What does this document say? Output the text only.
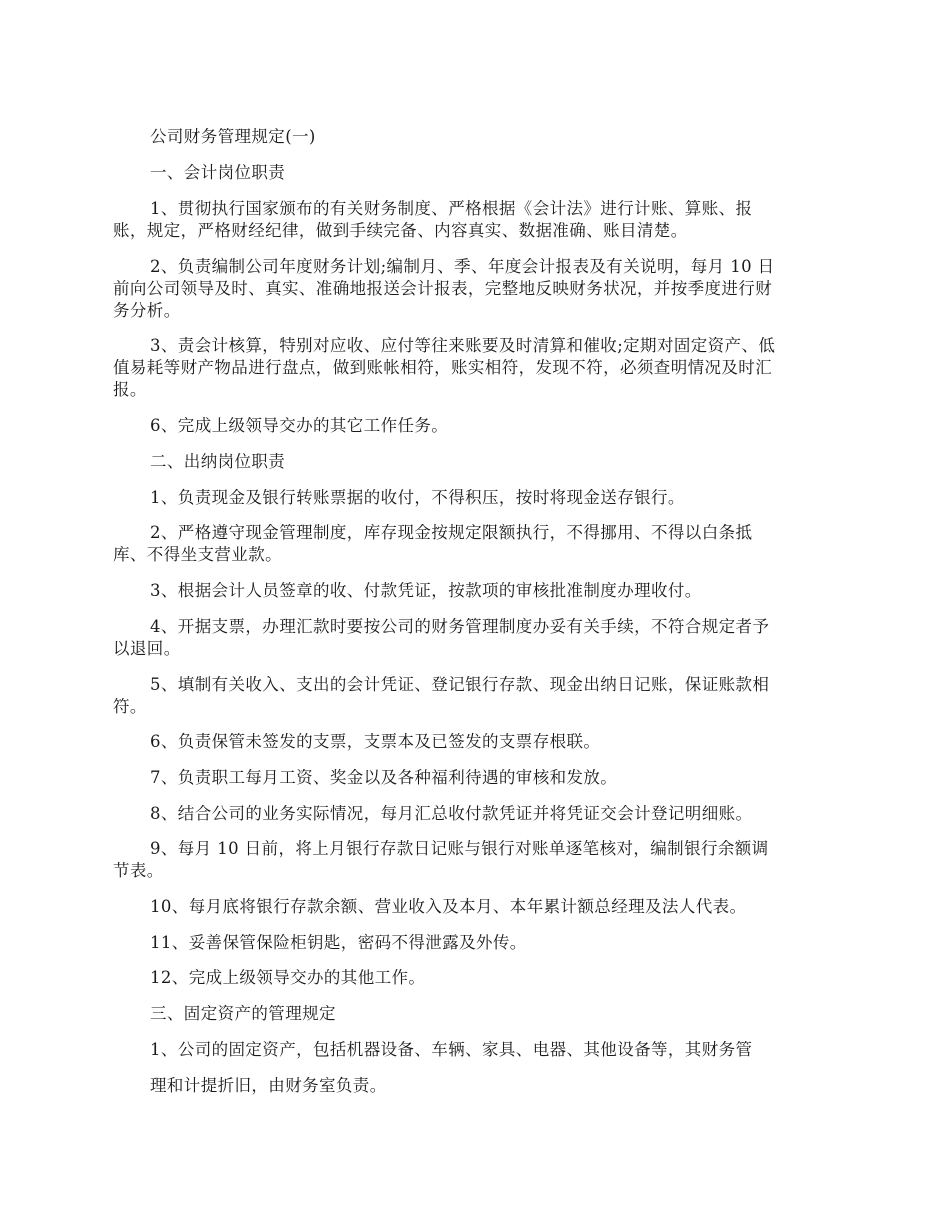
公司财务管理规定(一)
一、会计岗位职责
1、贯彻执行国家颁布的有关财务制度、严格根据《会计法》进行计账、算账、报
账，规定，严格财经纪律，做到手续完备、内容真实、数据准确、账目清楚。
2、负责编制公司年度财务计划;编制月、季、年度会计报表及有关说明，每月 10 日
前向公司领导及时、真实、准确地报送会计报表，完整地反映财务状况，并按季度进行财
务分析。
3、责会计核算，特别对应收、应付等往来账要及时清算和催收;定期对固定资产、低
值易耗等财产物品进行盘点，做到账帐相符，账实相符，发现不符，必须查明情况及时汇
报。
6、完成上级领导交办的其它工作任务。
二、出纳岗位职责
1、负责现金及银行转账票据的收付，不得积压，按时将现金送存银行。
2、严格遵守现金管理制度，库存现金按规定限额执行，不得挪用、不得以白条抵
库、不得坐支营业款。
3、根据会计人员签章的收、付款凭证，按款项的审核批准制度办理收付。
4、开据支票，办理汇款时要按公司的财务管理制度办妥有关手续，不符合规定者予
以退回。
5、填制有关收入、支出的会计凭证、登记银行存款、现金出纳日记账，保证账款相
符。
6、负责保管未签发的支票，支票本及已签发的支票存根联。
7、负责职工每月工资、奖金以及各种福利待遇的审核和发放。
8、结合公司的业务实际情况，每月汇总收付款凭证并将凭证交会计登记明细账。
9、每月 10 日前，将上月银行存款日记账与银行对账单逐笔核对，编制银行余额调
节表。
10、每月底将银行存款余额、营业收入及本月、本年累计额总经理及法人代表。
11、妥善保管保险柜钥匙，密码不得泄露及外传。
12、完成上级领导交办的其他工作。
三、固定资产的管理规定
1、公司的固定资产，包括机器设备、车辆、家具、电器、其他设备等，其财务管
理和计提折旧，由财务室负责。
